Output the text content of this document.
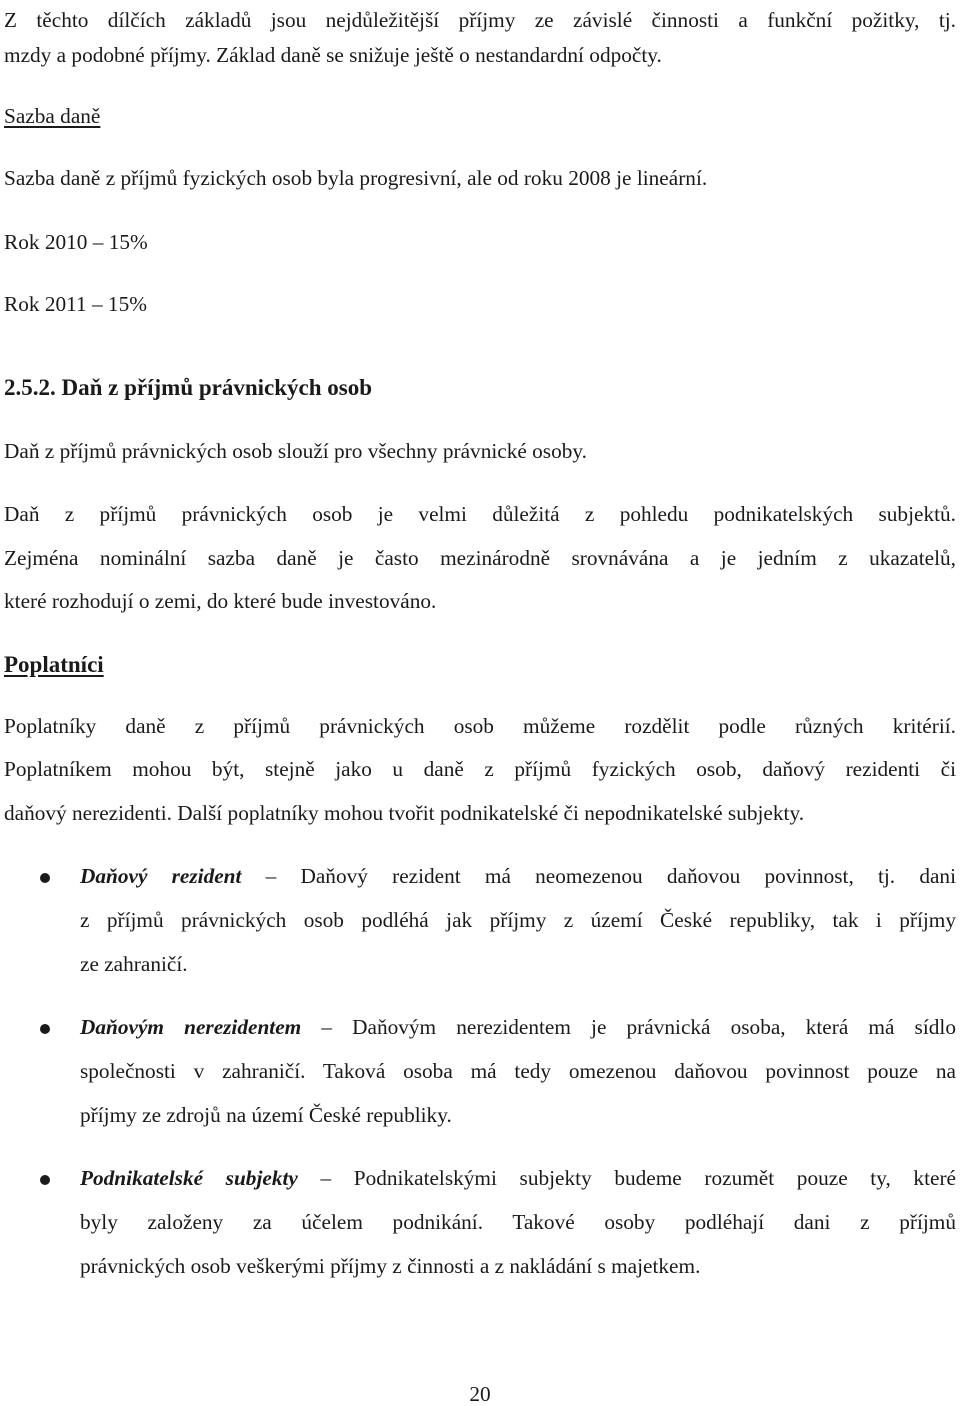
Z těchto dílčích základů jsou nejdůležitější příjmy ze závislé činnosti a funkční požitky, tj.
mzdy a podobné příjmy. Základ daně se snižuje ještě o nestandardní odpočty.
Sazba daně
Sazba daně z příjmů fyzických osob byla progresivní, ale od roku 2008 je lineární.
Rok 2010 – 15%
Rok 2011 – 15%
2.5.2. Daň z příjmů právnických osob
Daň z příjmů právnických osob slouží pro všechny právnické osoby.
Daň z příjmů právnických osob je velmi důležitá z pohledu podnikatelských subjektů.
Zejména nominální sazba daně je často mezinárodně srovnávána a je jedním z ukazatelů,
které rozhodují o zemi, do které bude investováno.
Poplatníci
Poplatníky daně z příjmů právnických osob můžeme rozdělit podle různých kritérií.
Poplatníkem mohou být, stejně jako u daně z příjmů fyzických osob, daňový rezidenti či
daňový nerezidenti. Další poplatníky mohou tvořit podnikatelské či nepodnikatelské subjekty.
Daňový rezident – Daňový rezident má neomezenou daňovou povinnost, tj. dani
z příjmů právnických osob podléhá jak příjmy z území České republiky, tak i příjmy
ze zahraničí.
Daňovým nerezidentem – Daňovým nerezidentem je právnická osoba, která má sídlo
společnosti v zahraničí. Taková osoba má tedy omezenou daňovou povinnost pouze na
příjmy ze zdrojů na území České republiky.
Podnikatelské subjekty – Podnikatelskými subjekty budeme rozumět pouze ty, které
byly založeny za účelem podnikání. Takové osoby podléhají dani z příjmů
právnických osob veškerými příjmy z činnosti a z nakládání s majetkem.
20
